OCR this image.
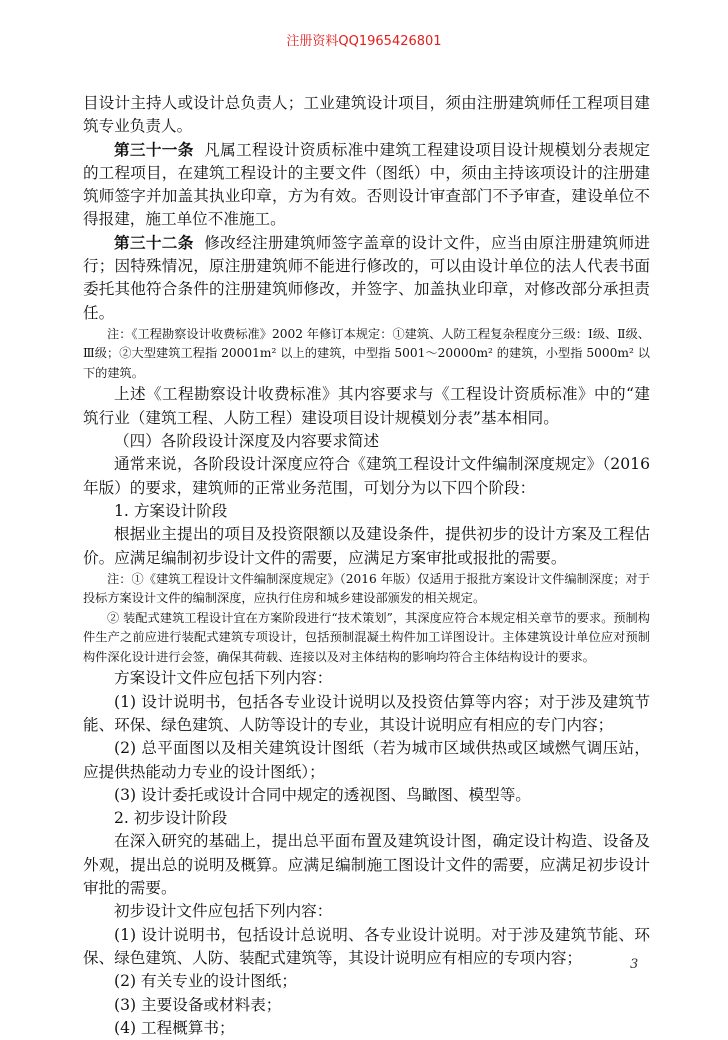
注册资料QQ1965426801

目设计主持人或设计总负责人；工业建筑设计项目，须由注册建筑师任工程项目建筑专业负责人。

第三十一条 凡属工程设计资质标准中建筑工程建设项目设计规模划分表规定的工程项目，在建筑工程设计的主要文件（图纸）中，须由主持该项设计的注册建筑师签字并加盖其执业印章，方为有效。否则设计审查部门不予审查，建设单位不得报建，施工单位不准施工。

第三十二条 修改经注册建筑师签字盖章的设计文件，应当由原注册建筑师进行；因特殊情况，原注册建筑师不能进行修改的，可以由设计单位的法人代表书面委托其他符合条件的注册建筑师修改，并签字、加盖执业印章，对修改部分承担责任。

注：《工程勘察设计收费标准》2002 年修订本规定：①建筑、人防工程复杂程度分三级：Ⅰ级、Ⅱ级、Ⅲ级；②大型建筑工程指 20001m² 以上的建筑，中型指 5001～20000m² 的建筑，小型指 5000m² 以下的建筑。

上述《工程勘察设计收费标准》其内容要求与《工程设计资质标准》中的“建筑行业（建筑工程、人防工程）建设项目设计规模划分表”基本相同。

（四）各阶段设计深度及内容要求简述

通常来说，各阶段设计深度应符合《建筑工程设计文件编制深度规定》（2016 年版）的要求，建筑师的正常业务范围，可划分为以下四个阶段：

1. 方案设计阶段

根据业主提出的项目及投资限额以及建设条件，提供初步的设计方案及工程估价。应满足编制初步设计文件的需要，应满足方案审批或报批的需要。

注：①《建筑工程设计文件编制深度规定》（2016 年版）仅适用于报批方案设计文件编制深度；对于投标方案设计文件的编制深度，应执行住房和城乡建设部颁发的相关规定。

② 装配式建筑工程设计宜在方案阶段进行“技术策划”，其深度应符合本规定相关章节的要求。预制构件生产之前应进行装配式建筑专项设计，包括预制混凝土构件加工详图设计。主体建筑设计单位应对预制构件深化设计进行会签，确保其荷载、连接以及对主体结构的影响均符合主体结构设计的要求。

方案设计文件应包括下列内容：

(1) 设计说明书，包括各专业设计说明以及投资估算等内容；对于涉及建筑节能、环保、绿色建筑、人防等设计的专业，其设计说明应有相应的专门内容；

(2) 总平面图以及相关建筑设计图纸（若为城市区域供热或区域燃气调压站，应提供热能动力专业的设计图纸）；

(3) 设计委托或设计合同中规定的透视图、鸟瞰图、模型等。

2. 初步设计阶段

在深入研究的基础上，提出总平面布置及建筑设计图，确定设计构造、设备及外观，提出总的说明及概算。应满足编制施工图设计文件的需要，应满足初步设计审批的需要。

初步设计文件应包括下列内容：

(1) 设计说明书，包括设计总说明、各专业设计说明。对于涉及建筑节能、环保、绿色建筑、人防、装配式建筑等，其设计说明应有相应的专项内容；

(2) 有关专业的设计图纸；

(3) 主要设备或材料表；

(4) 工程概算书；

3
